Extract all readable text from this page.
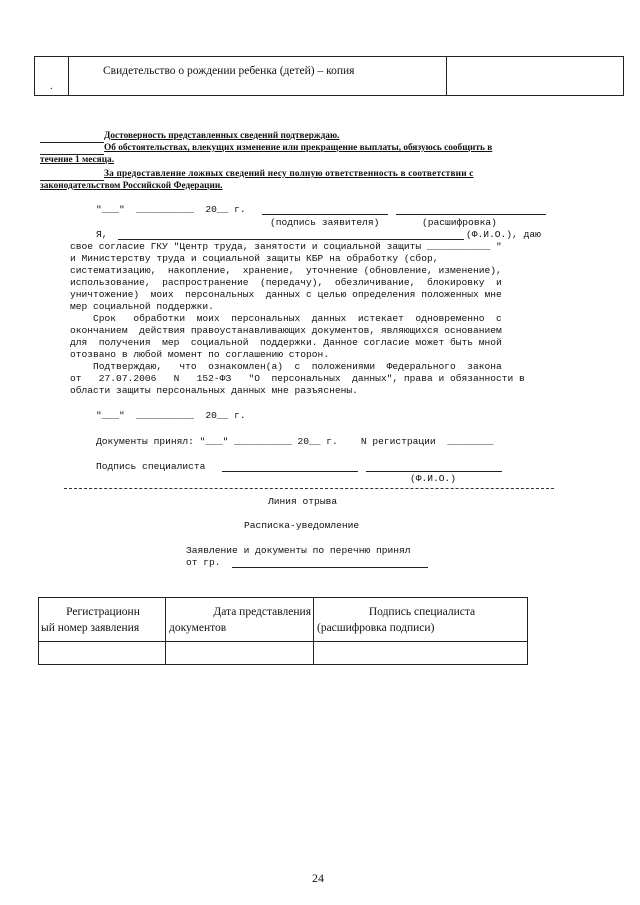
.
Свидетельство о рождении ребенка (детей) – копия
Достоверность представленных сведений подтверждаю.
Об обстоятельствах, влекущих изменение или прекращение выплаты, обязуюсь сообщить в
течение 1 месяца.
За предоставление ложных сведений несу полную ответственность в соответствии с
законодательством Российской Федерации.
"___"  __________  20__ г.
(подпись заявителя)	(расшифровка)
Я,	(Ф.И.О.), даю
свое согласие ГКУ "Центр труда, занятости и социальной защиты ___________ "
и Министерству труда и социальной защиты КБР на обработку (сбор,
систематизацию,  накопление,  хранение,  уточнение (обновление, изменение),
использование,  распространение  (передачу),  обезличивание,  блокировку  и
уничтожение)  моих  персональных  данных с целью определения положенных мне
мер социальной поддержки.
Срок   обработки  моих  персональных  данных  истекает  одновременно  с
окончанием  действия правоустанавливающих документов, являющихся основанием
для  получения  мер  социальной  поддержки. Данное согласие может быть мной
отозвано в любой момент по соглашению сторон.
Подтверждаю,   что  ознакомлен(а)  с  положениями  Федерального  закона
от   27.07.2006   N   152-ФЗ   "О  персональных  данных", права и обязанности в
области защиты персональных данных мне разъяснены.
"___"  __________  20__ г.
Документы принял: "___" __________ 20__ г.    N регистрации  ________
Подпись специалиста
(Ф.И.О.)
Линия отрыва
Расписка-уведомление
Заявление и документы по перечню принял
от гр.
Регистрационн
ый номер заявления
Дата представления
документов
Подпись специалиста
(расшифровка подписи)
24
